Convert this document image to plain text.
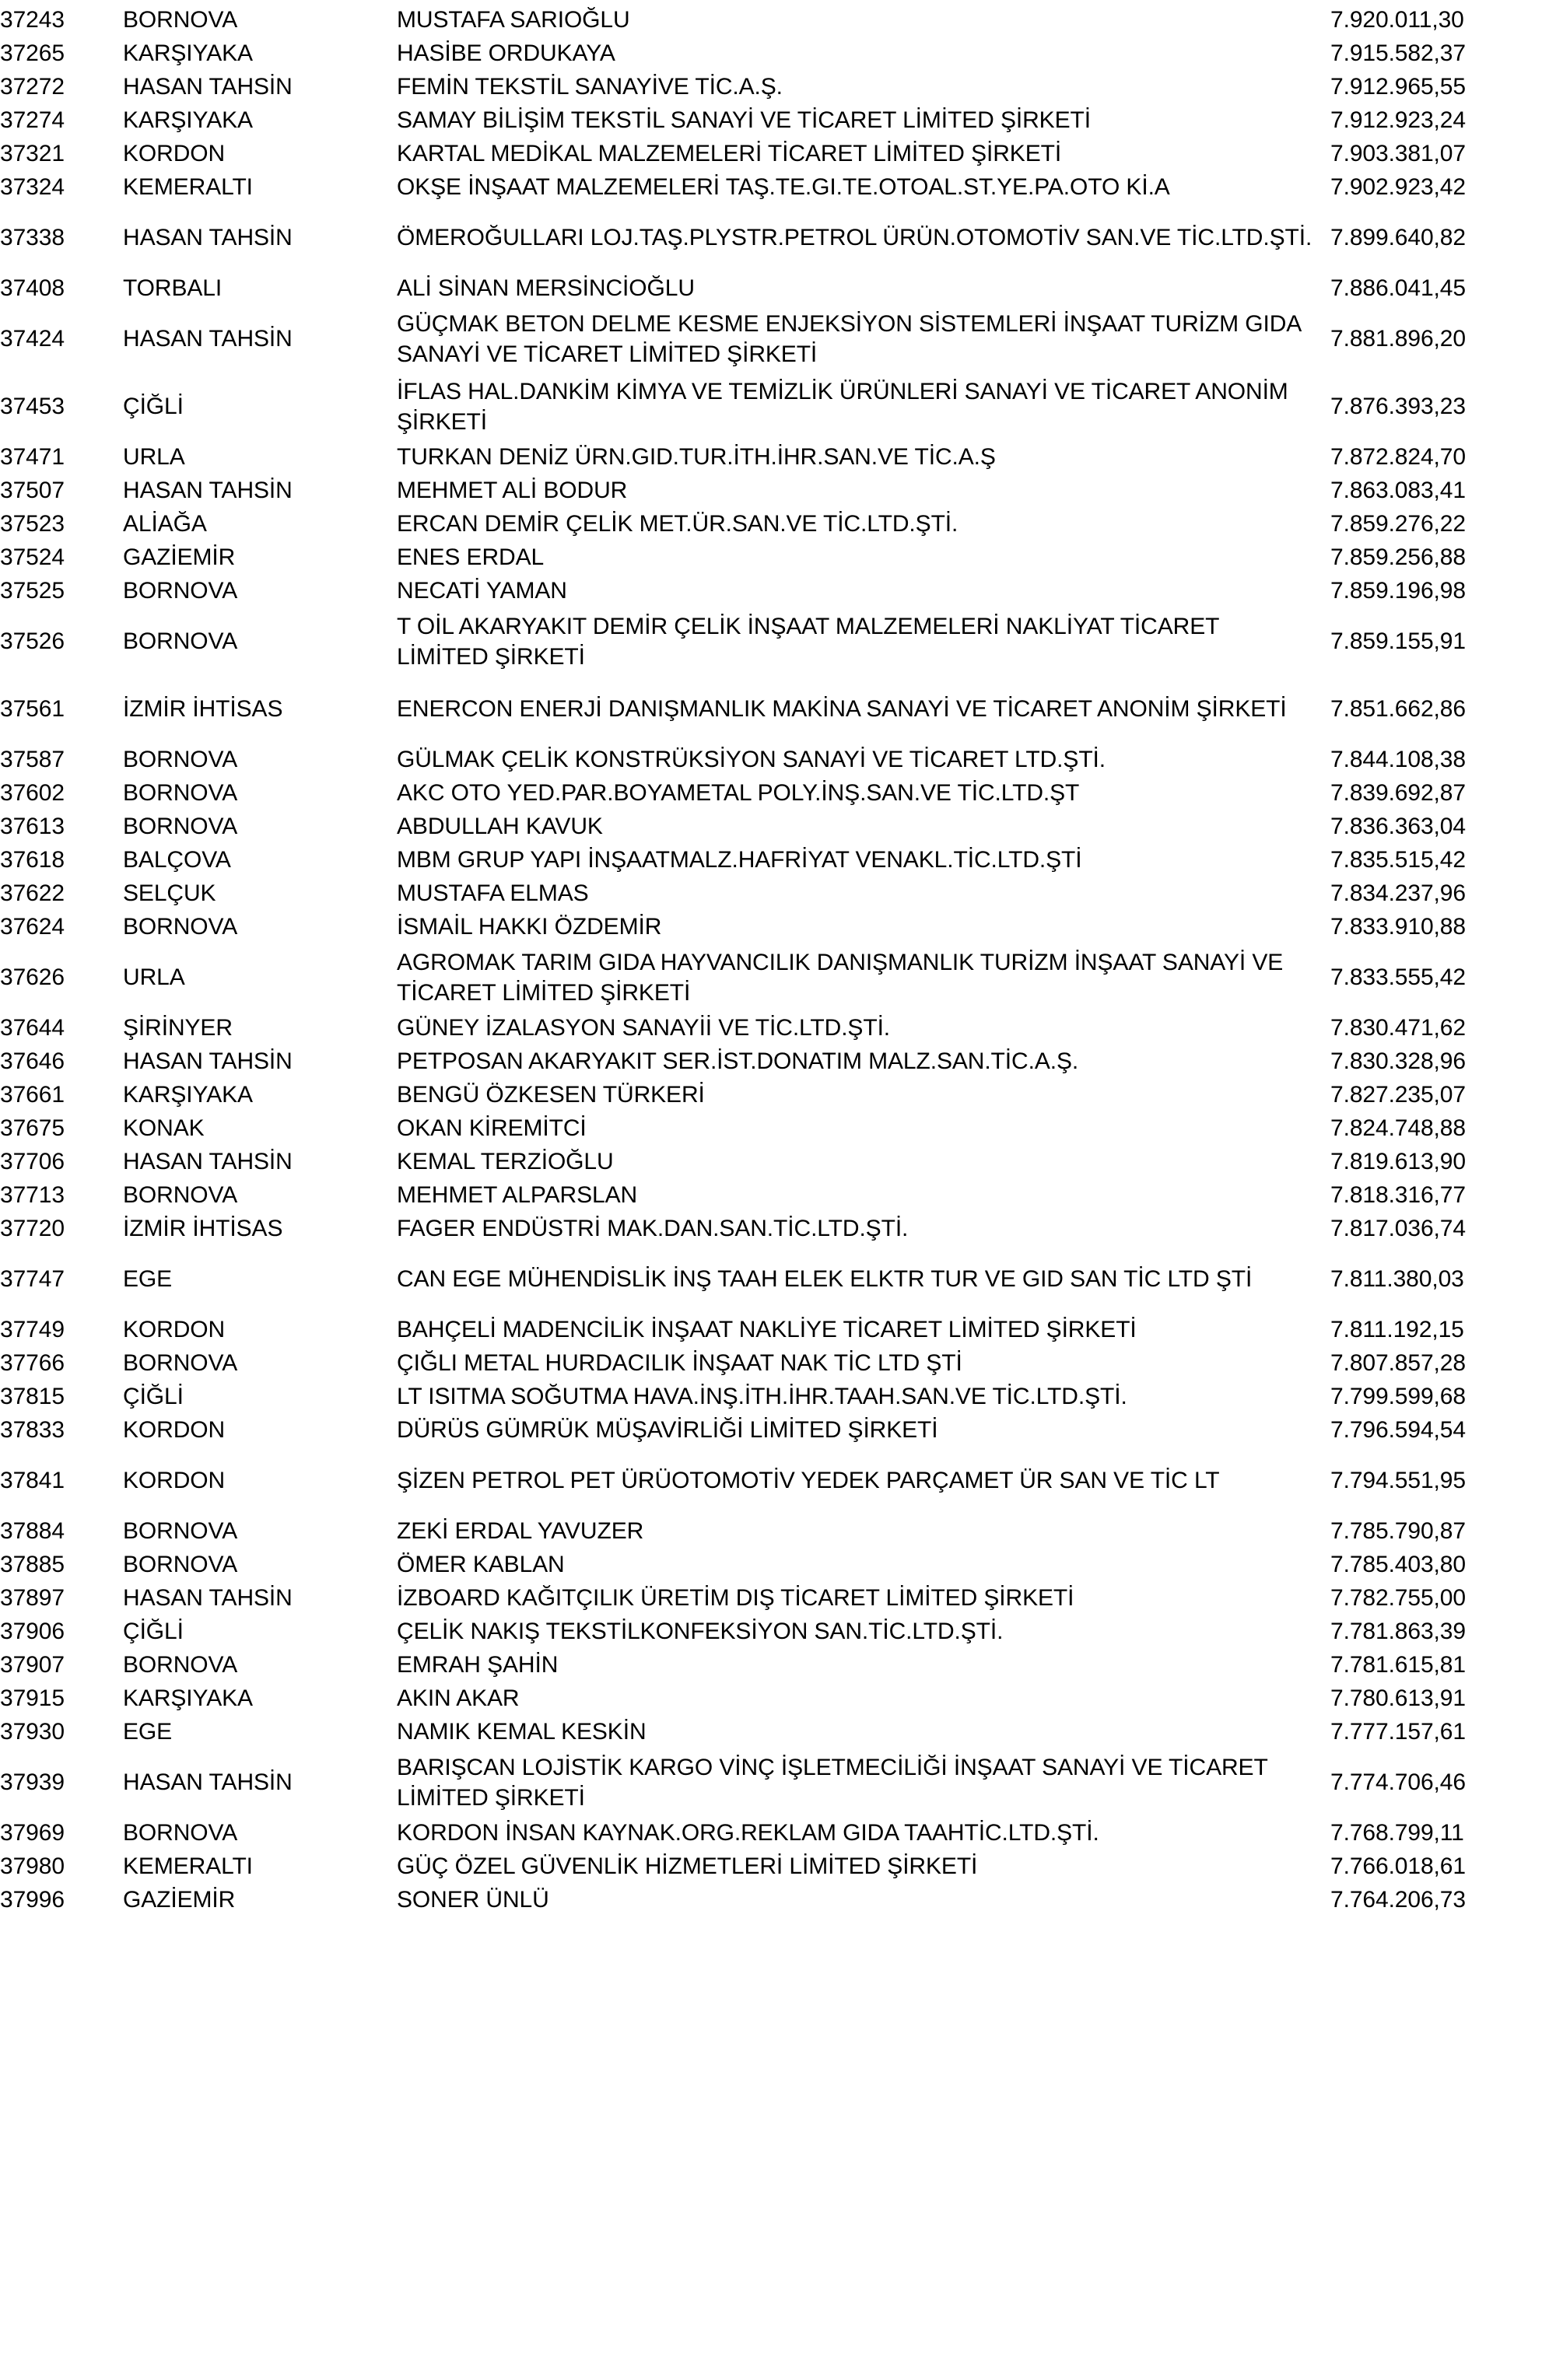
37243		BORNOVA		MUSTAFA SARIOĞLU		7.920.011,30	
37265		KARŞIYAKA		HASİBE ORDUKAYA		7.915.582,37	
37272		HASAN TAHSİN		FEMİN TEKSTİL SANAYİVE TİC.A.Ş.		7.912.965,55	
37274		KARŞIYAKA		SAMAY BİLİŞİM TEKSTİL SANAYİ VE TİCARET LİMİTED ŞİRKETİ		7.912.923,24	
37321		KORDON		KARTAL MEDİKAL MALZEMELERİ TİCARET LİMİTED ŞİRKETİ		7.903.381,07	
37324		KEMERALTI		OKŞE İNŞAAT MALZEMELERİ TAŞ.TE.GI.TE.OTOAL.ST.YE.PA.OTO Kİ.A		7.902.923,42	
37338		HASAN TAHSİN		ÖMEROĞULLARI LOJ.TAŞ.PLYSTR.PETROL ÜRÜN.OTOMOTİV SAN.VE TİC.LTD.ŞTİ.		7.899.640,82	
37408		TORBALI		ALİ SİNAN MERSİNCİOĞLU		7.886.041,45	
37424		HASAN TAHSİN		GÜÇMAK BETON DELME KESME ENJEKSİYON SİSTEMLERİ İNŞAAT TURİZM GIDA SANAYİ VE TİCARET LİMİTED ŞİRKETİ		7.881.896,20	
37453		ÇİĞLİ		İFLAS HAL.DANKİM KİMYA VE TEMİZLİK ÜRÜNLERİ SANAYİ VE TİCARET ANONİM ŞİRKETİ		7.876.393,23	
37471		URLA		TURKAN DENİZ ÜRN.GID.TUR.İTH.İHR.SAN.VE TİC.A.Ş		7.872.824,70	
37507		HASAN TAHSİN		MEHMET ALİ BODUR		7.863.083,41	
37523		ALİAĞA		ERCAN DEMİR ÇELİK MET.ÜR.SAN.VE TİC.LTD.ŞTİ.		7.859.276,22	
37524		GAZİEMİR		ENES ERDAL		7.859.256,88	
37525		BORNOVA		NECATİ YAMAN		7.859.196,98	
37526		BORNOVA		T OİL AKARYAKIT DEMİR ÇELİK İNŞAAT MALZEMELERİ NAKLİYAT TİCARET LİMİTED ŞİRKETİ		7.859.155,91	
37561		İZMİR İHTİSAS		ENERCON ENERJİ DANIŞMANLIK MAKİNA SANAYİ VE TİCARET ANONİM ŞİRKETİ		7.851.662,86	
37587		BORNOVA		GÜLMAK ÇELİK KONSTRÜKSİYON SANAYİ VE TİCARET LTD.ŞTİ.		7.844.108,38	
37602		BORNOVA		AKC OTO YED.PAR.BOYAMETAL POLY.İNŞ.SAN.VE TİC.LTD.ŞT		7.839.692,87	
37613		BORNOVA		ABDULLAH KAVUK		7.836.363,04	
37618		BALÇOVA		MBM GRUP YAPI İNŞAATMALZ.HAFRİYAT VENAKL.TİC.LTD.ŞTİ		7.835.515,42	
37622		SELÇUK		MUSTAFA ELMAS		7.834.237,96	
37624		BORNOVA		İSMAİL HAKKI ÖZDEMİR		7.833.910,88	
37626		URLA		AGROMAK TARIM GIDA HAYVANCILIK DANIŞMANLIK TURİZM İNŞAAT SANAYİ VE TİCARET LİMİTED ŞİRKETİ		7.833.555,42	
37644		ŞİRİNYER		GÜNEY İZALASYON SANAYİİ VE TİC.LTD.ŞTİ.		7.830.471,62	
37646		HASAN TAHSİN		PETPOSAN AKARYAKIT SER.İST.DONATIM MALZ.SAN.TİC.A.Ş.		7.830.328,96	
37661		KARŞIYAKA		BENGÜ ÖZKESEN TÜRKERİ		7.827.235,07	
37675		KONAK		OKAN KİREMİTCİ		7.824.748,88	
37706		HASAN TAHSİN		KEMAL TERZİOĞLU		7.819.613,90	
37713		BORNOVA		MEHMET ALPARSLAN		7.818.316,77	
37720		İZMİR İHTİSAS		FAGER ENDÜSTRİ MAK.DAN.SAN.TİC.LTD.ŞTİ.		7.817.036,74	
37747		EGE		CAN EGE MÜHENDİSLİK İNŞ TAAH ELEK ELKTR TUR VE GID SAN TİC LTD ŞTİ		7.811.380,03	
37749		KORDON		BAHÇELİ MADENCİLİK İNŞAAT NAKLİYE TİCARET LİMİTED ŞİRKETİ		7.811.192,15	
37766		BORNOVA		ÇIĞLI METAL HURDACILIK İNŞAAT NAK TİC LTD ŞTİ		7.807.857,28	
37815		ÇİĞLİ		LT ISITMA SOĞUTMA HAVA.İNŞ.İTH.İHR.TAAH.SAN.VE TİC.LTD.ŞTİ.		7.799.599,68	
37833		KORDON		DÜRÜS GÜMRÜK MÜŞAVİRLİĞİ LİMİTED ŞİRKETİ		7.796.594,54	
37841		KORDON		ŞİZEN PETROL PET ÜRÜOTOMOTİV YEDEK PARÇAMET ÜR SAN VE TİC LT		7.794.551,95	
37884		BORNOVA		ZEKİ ERDAL YAVUZER		7.785.790,87	
37885		BORNOVA		ÖMER KABLAN		7.785.403,80	
37897		HASAN TAHSİN		İZBOARD KAĞITÇILIK ÜRETİM DIŞ TİCARET LİMİTED ŞİRKETİ		7.782.755,00	
37906		ÇİĞLİ		ÇELİK NAKIŞ TEKSTİLKONFEKSİYON SAN.TİC.LTD.ŞTİ.		7.781.863,39	
37907		BORNOVA		EMRAH ŞAHİN		7.781.615,81	
37915		KARŞIYAKA		AKIN AKAR		7.780.613,91	
37930		EGE		NAMIK KEMAL KESKİN		7.777.157,61	
37939		HASAN TAHSİN		BARIŞCAN LOJİSTİK KARGO VİNÇ İŞLETMECİLİĞİ İNŞAAT SANAYİ VE TİCARET LİMİTED ŞİRKETİ		7.774.706,46	
37969		BORNOVA		KORDON İNSAN KAYNAK.ORG.REKLAM GIDA TAAHTİC.LTD.ŞTİ.		7.768.799,11	
37980		KEMERALTI		GÜÇ ÖZEL GÜVENLİK HİZMETLERİ LİMİTED ŞİRKETİ		7.766.018,61	
37996		GAZİEMİR		SONER ÜNLÜ		7.764.206,73	
